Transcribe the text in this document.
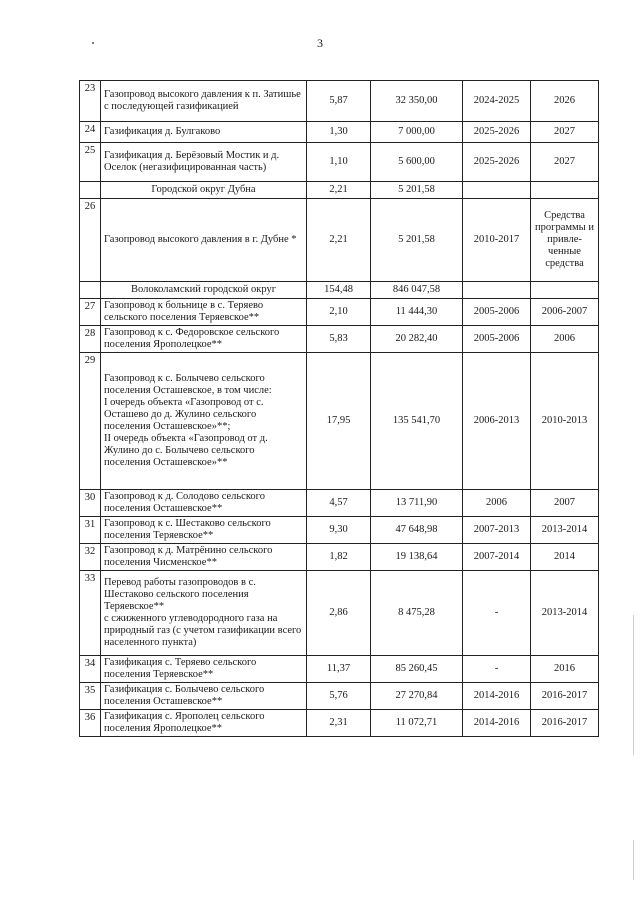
3
23	Газопровод высокого давления к п. Затишье с последующей газификацией	5,87	32 350,00	2024-2025	2026
24	Газификация д. Булгаково	1,30	7 000,00	2025-2026	2027
25	Газификация д. Берёзовый Мостик и д. Оселок (негазифицированная часть)	1,10	5 600,00	2025-2026	2027
	Городской округ Дубна	2,21	5 201,58		
26	Газопровод высокого давления в г. Дубне *	2,21	5 201,58	2010-2017	Средства программы и привле-ченные средства
	Волоколамский городской округ	154,48	846 047,58		
27	Газопровод к больнице в с. Теряево сельского поселения Теряевское**	2,10	11 444,30	2005-2006	2006-2007
28	Газопровод к с. Федоровское сельского поселения Ярополецкое**	5,83	20 282,40	2005-2006	2006
29	Газопровод к с. Болычево сельского поселения Осташевское, в том числе:
I очередь объекта «Газопровод от с. Осташево до д. Жулино сельского поселения Осташевское»**;
II очередь объекта «Газопровод от д. Жулино до с. Болычево сельского поселения Осташевское»**	17,95	135 541,70	2006-2013	2010-2013
30	Газопровод к д. Солодово сельского поселения Осташевское**	4,57	13 711,90	2006	2007
31	Газопровод к с. Шестаково сельского поселения Теряевское**	9,30	47 648,98	2007-2013	2013-2014
32	Газопровод к д. Матрёнино сельского поселения Чисменское**	1,82	19 138,64	2007-2014	2014
33	Перевод работы газопроводов в с. Шестаково сельского поселения Теряевское**
с сжиженного углеводородного газа на природный газ (с учетом газификации всего населенного пункта)	2,86	8 475,28	-	2013-2014
34	Газификация с. Теряево сельского поселения Теряевское**	11,37	85 260,45	-	2016
35	Газификация с. Болычево сельского поселения Осташевское**	5,76	27 270,84	2014-2016	2016-2017
36	Газификация с. Ярополец сельского поселения Ярополецкое**	2,31	11 072,71	2014-2016	2016-2017
